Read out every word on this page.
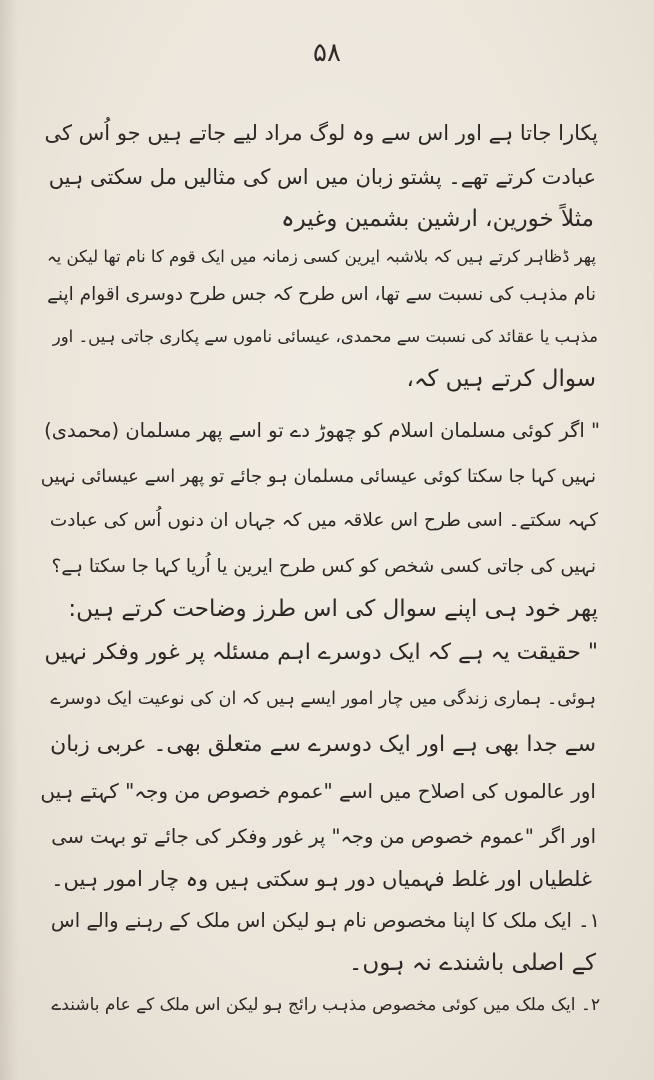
۵۸
پکارا جاتا ہے اور اس سے وہ لوگ مراد لیے جاتے ہیں جو اُس کی
عبادت کرتے تھے۔ پشتو زبان میں اس کی مثالیں مل سکتی ہیں
مثلاً خورین، ارشین بشمین وغیرہ
پھر ڈظاہر کرتے ہیں کہ بلاشبہ ایرین کسی زمانہ میں ایک قوم کا نام تھا لیکن یہ
نام مذہب کی نسبت سے تھا، اس طرح کہ جس طرح دوسری اقوام اپنے
مذہب یا عقائد کی نسبت سے محمدی، عیسائی ناموں سے پکاری جاتی ہیں۔ اور
سوال کرتے ہیں کہ،
" اگر کوئی مسلمان اسلام کو چھوڑ دے تو اسے پھر مسلمان (محمدی)
نہیں کہا جا سکتا کوئی عیسائی مسلمان ہو جائے تو پھر اسے عیسائی نہیں
کہہ سکتے۔ اسی طرح اس علاقہ میں کہ جہاں ان دنوں اُس کی عبادت
نہیں کی جاتی کسی شخص کو کس طرح ایرین یا اُریا کہا جا سکتا ہے؟
پھر خود ہی اپنے سوال کی اس طرز وضاحت کرتے ہیں:
" حقیقت یہ ہے کہ ایک دوسرے اہم مسئلہ پر غور وفکر نہیں
ہوئی۔ ہماری زندگی میں چار امور ایسے ہیں کہ ان کی نوعیت ایک دوسرے
سے جدا بھی ہے اور ایک دوسرے سے متعلق بھی۔ عربی زبان
اور عالموں کی اصلاح میں اسے "عموم خصوص من وجہ" کہتے ہیں
اور اگر "عموم خصوص من وجہ" پر غور وفکر کی جائے تو بہت سی
غلطیاں اور غلط فہمیاں دور ہو سکتی ہیں وہ چار امور ہیں۔
۱۔ ایک ملک کا اپنا مخصوص نام ہو لیکن اس ملک کے رہنے والے اس
کے اصلی باشندے نہ ہوں۔
۲۔ ایک ملک میں کوئی مخصوص مذہب رائج ہو لیکن اس ملک کے عام باشندے
